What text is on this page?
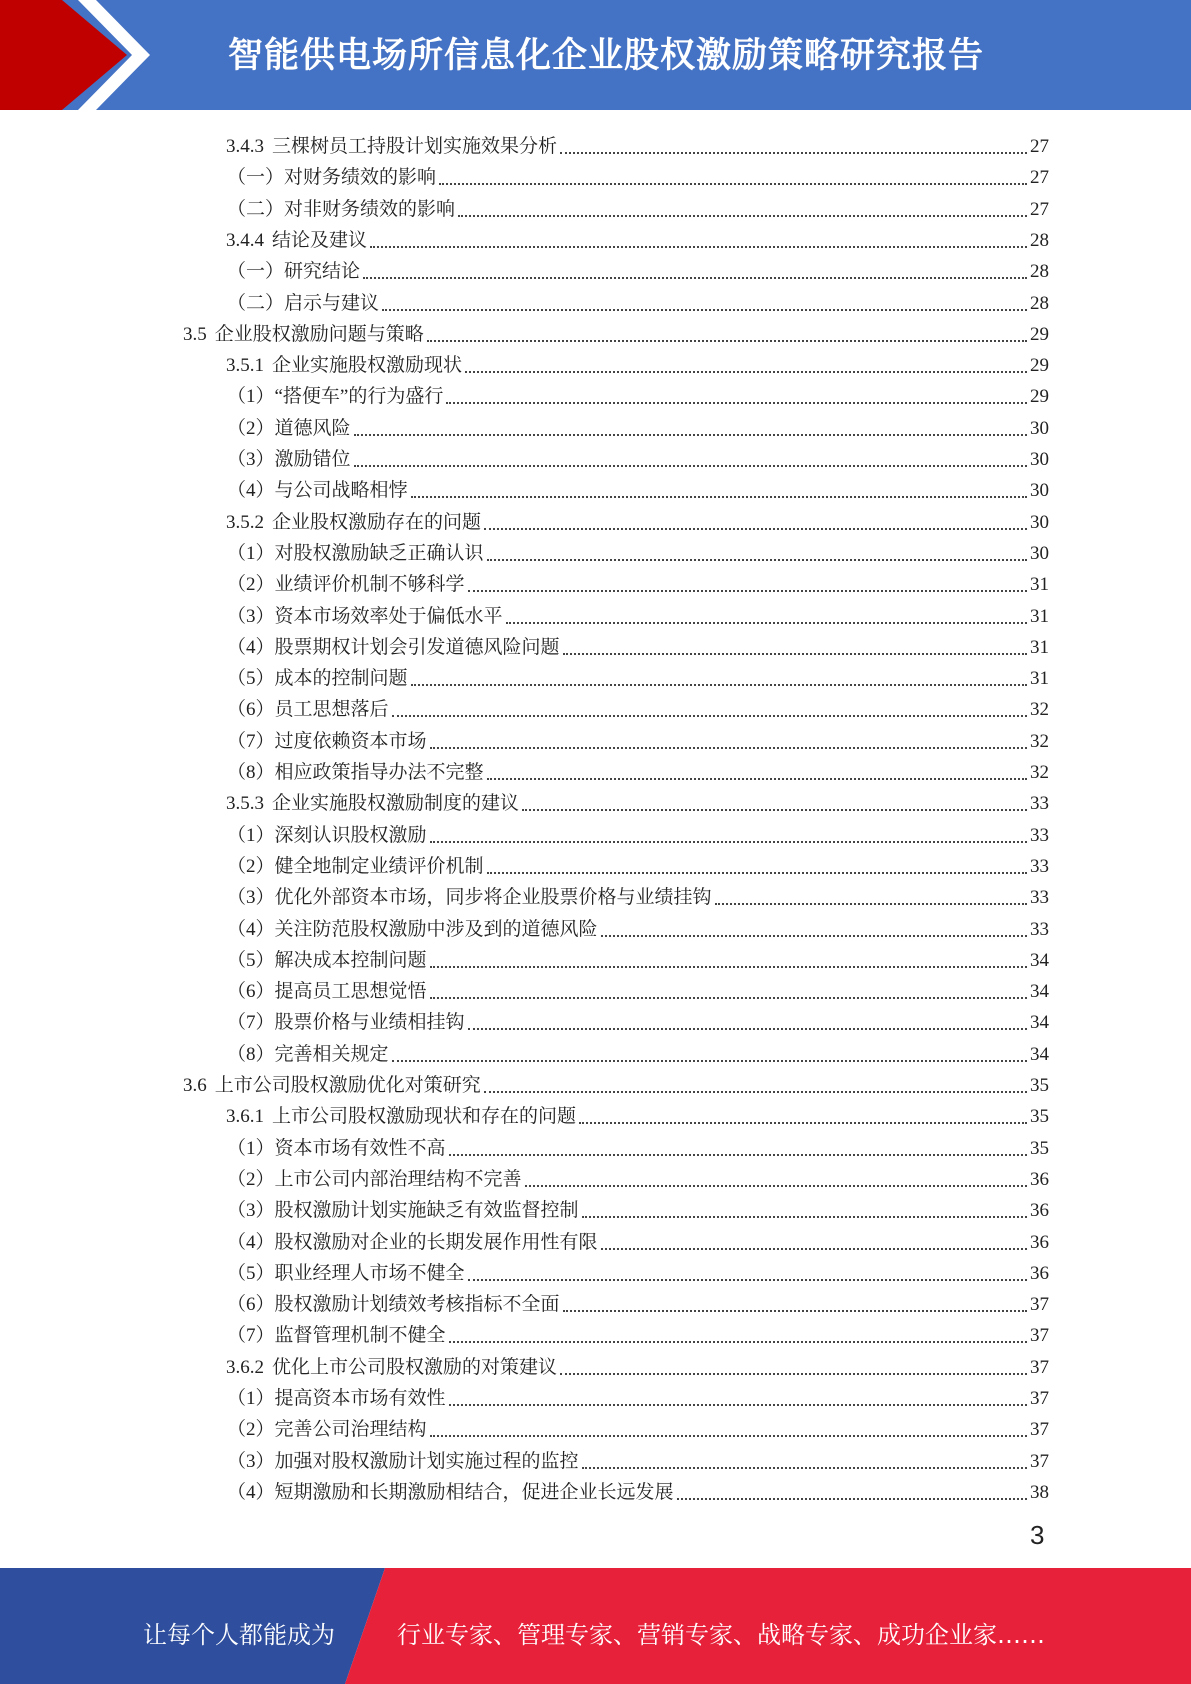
智能供电场所信息化企业股权激励策略研究报告
3.4.3 三棵树员工持股计划实施效果分析	27
（一）对财务绩效的影响	27
（二）对非财务绩效的影响	27
3.4.4 结论及建议	28
（一）研究结论	28
（二）启示与建议	28
3.5 企业股权激励问题与策略	29
3.5.1 企业实施股权激励现状	29
（1）“搭便车”的行为盛行	29
（2）道德风险	30
（3）激励错位	30
（4）与公司战略相悖	30
3.5.2 企业股权激励存在的问题	30
（1）对股权激励缺乏正确认识	30
（2）业绩评价机制不够科学	31
（3）资本市场效率处于偏低水平	31
（4）股票期权计划会引发道德风险问题	31
（5）成本的控制问题	31
（6）员工思想落后	32
（7）过度依赖资本市场	32
（8）相应政策指导办法不完整	32
3.5.3 企业实施股权激励制度的建议	33
（1）深刻认识股权激励	33
（2）健全地制定业绩评价机制	33
（3）优化外部资本市场，同步将企业股票价格与业绩挂钩	33
（4）关注防范股权激励中涉及到的道德风险	33
（5）解决成本控制问题	34
（6）提高员工思想觉悟	34
（7）股票价格与业绩相挂钩	34
（8）完善相关规定	34
3.6 上市公司股权激励优化对策研究	35
3.6.1 上市公司股权激励现状和存在的问题	35
（1）资本市场有效性不高	35
（2）上市公司内部治理结构不完善	36
（3）股权激励计划实施缺乏有效监督控制	36
（4）股权激励对企业的长期发展作用性有限	36
（5）职业经理人市场不健全	36
（6）股权激励计划绩效考核指标不全面	37
（7）监督管理机制不健全	37
3.6.2 优化上市公司股权激励的对策建议	37
（1）提高资本市场有效性	37
（2）完善公司治理结构	37
（3）加强对股权激励计划实施过程的监控	37
（4）短期激励和长期激励相结合，促进企业长远发展	38
3
让每个人都能成为	行业专家、管理专家、营销专家、战略专家、成功企业家……
